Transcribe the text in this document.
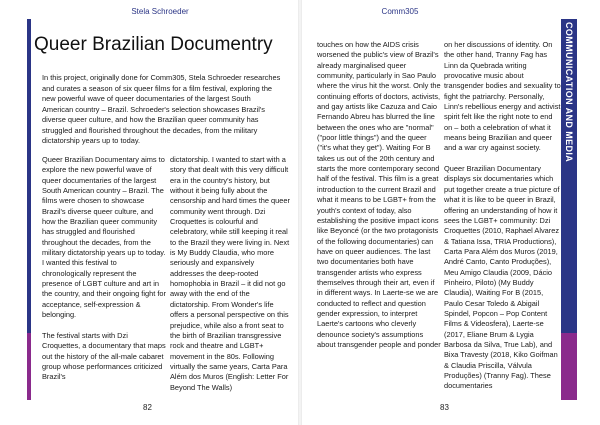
COMMUNICATION AND MEDIA
Stela Schroeder	Comm305
Queer Brazilian Documentry

In this project, originally done for Comm305, Stela Schroeder researches and curates a season of six queer films for a film festival, exploring the new powerful wave of queer documentaries of the largest South American country – Brazil. Schroeder's selection showcases Brazil's diverse queer culture, and how the Brazilian queer community has struggled and flourished throughout the decades, from the military dictatorship years up to today.

Queer Brazilian Documentary aims to explore the new powerful wave of queer documentaries of the largest South American country – Brazil. The films were chosen to showcase Brazil's diverse queer culture, and how the Brazilian queer community has struggled and flourished throughout the decades, from the military dictatorship years up to today. I wanted this festival to chronologically represent the presence of LGBT culture and art in the country, and their ongoing fight for acceptance, self-expression & belonging.

The festival starts with Dzi Croquettes, a documentary that maps out the history of the all-male cabaret group whose performances criticized Brazil's

dictatorship. I wanted to start with a story that dealt with this very difficult era in the country's history, but without it being fully about the censorship and hard times the queer community went through. Dzi Croquettes is colourful and celebratory, while still keeping it real to the Brazil they were living in. Next is My Buddy Claudia, who more seriously and expansively addresses the deep-rooted homophobia in Brazil – it did not go away with the end of the dictatorship. From Wonder's life offers a personal perspective on this prejudice, while also a front seat to the birth of Brazilian transgressive rock and theatre and LGBT+ movement in the 80s. Following virtually the same years, Carta Para Além dos Muros (English: Letter For Beyond The Walls)

touches on how the AIDS crisis worsened the public's view of Brazil's already marginalised queer community, particularly in Sao Paulo where the virus hit the worst. Only the continuing efforts of doctors, activists, and gay artists like Cazuza and Caio Fernando Abreu has blurred the line between the ones who are "normal" ("poor little things") and the queer ("it's what they get"). Waiting For B takes us out of the 20th century and starts the more contemporary second half of the festival. This film is a great introduction to the current Brazil and what it means to be LGBT+ from the youth's context of today, also establishing the positive impact icons like Beyoncé (or the two protagonists of the following documentaries) can have on queer audiences. The last two documentaries both have transgender artists who express themselves through their art, even if in different ways. In Laerte-se we are conducted to reflect and question gender expression, to interpret Laerte's cartoons who cleverly denounce society's assumptions about transgender people and ponder

on her discussions of identity. On the other hand, Tranny Fag has Linn da Quebrada writing provocative music about transgender bodies and sexuality to fight the patriarchy. Personally, Linn's rebellious energy and activist spirit felt like the right note to end on – both a celebration of what it means being Brazilian and queer and a war cry against society.

Queer Brazilian Documentary displays six documentaries which put together create a true picture of what it is like to be queer in Brazil, offering an understanding of how it sees the LGBT+ community: Dzi Croquettes (2010, Raphael Alvarez & Tatiana Issa, TRIA Productions), Carta Para Além dos Muros (2019, André Canto, Canto Produções), Meu Amigo Claudia (2009, Dácio Pinheiro, Piloto) (My Buddy Claudia), Waiting For B (2015, Paulo Cesar Toledo & Abigail Spindel, Popcon – Pop Content Films & Videosfera), Laerte-se (2017, Eliane Brum & Lygia Barbosa da Silva, True Lab), and Bixa Travesty (2018, Kiko Goifman & Claudia Priscilla, Válvula Produções) (Tranny Fag). These documentaries

82	83
